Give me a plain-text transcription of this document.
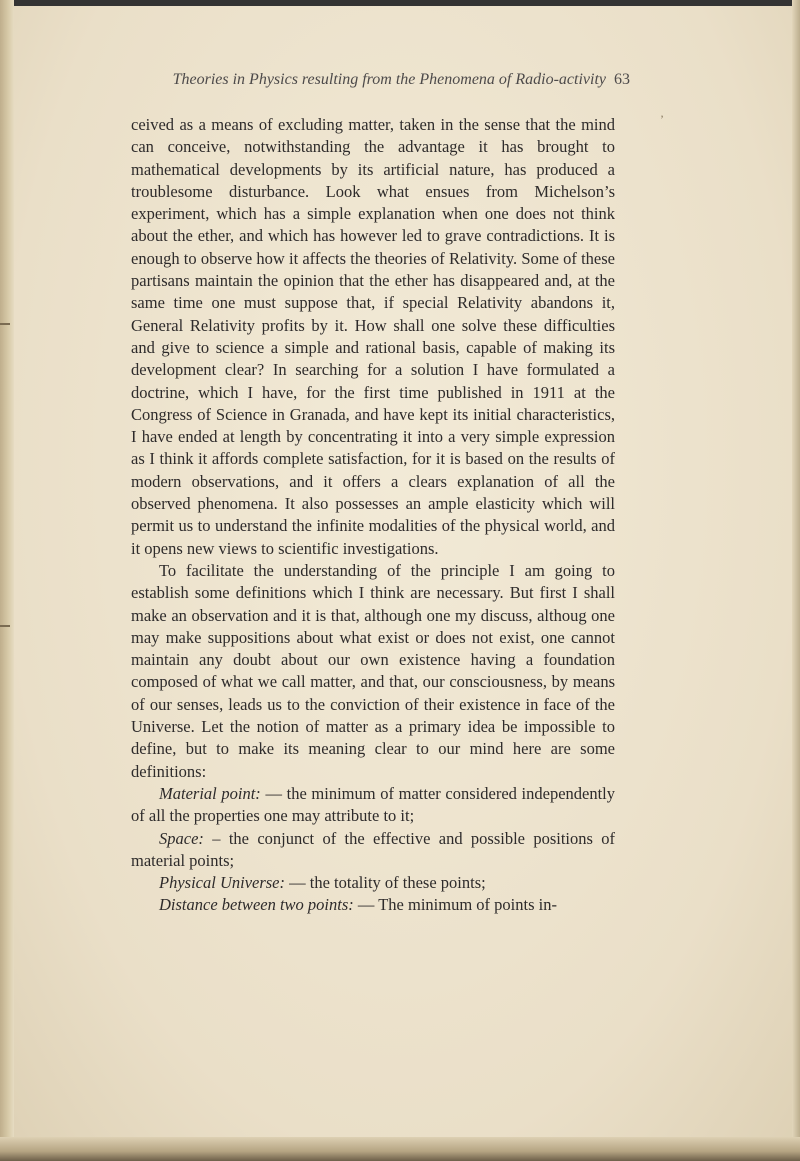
’
Theories in Physics resulting from the Phenomena of Radio-activity 63

ceived as a means of excluding matter, taken in the sense that the mind can conceive, notwithstanding the advantage it has brought to mathematical developments by its artificial nature, has produced a troublesome disturbance. Look what ensues from Michelson’s experiment, which has a simple explanation when one does not think about the ether, and which has however led to grave contradictions. It is enough to observe how it affects the theories of Relativity. Some of these partisans maintain the opinion that the ether has disappeared and, at the same time one must suppose that, if special Relativity abandons it, General Relativity profits by it. How shall one solve these difficulties and give to science a simple and rational basis, capable of making its development clear? In searching for a solution I have formulated a doctrine, which I have, for the first time published in 1911 at the Congress of Science in Granada, and have kept its initial characteristics, I have ended at length by concentrating it into a very simple expression as I think it affords complete satisfaction, for it is based on the results of modern observations, and it offers a clears explanation of all the observed phenomena. It also possesses an ample elasticity which will permit us to understand the infinite modalities of the physical world, and it opens new views to scientific investigations.

To facilitate the understanding of the principle I am going to establish some definitions which I think are necessary. But first I shall make an observation and it is that, although one my discuss, althoug one may make suppositions about what exist or does not exist, one cannot maintain any doubt about our own existence having a foundation composed of what we call matter, and that, our consciousness, by means of our senses, leads us to the conviction of their existence in face of the Universe. Let the notion of matter as a primary idea be impossible to define, but to make its meaning clear to our mind here are some definitions:

Material point: — the minimum of matter considered independently of all the properties one may attribute to it;

Space: – the conjunct of the effective and possible positions of material points;

Physical Universe: — the totality of these points;

Distance between two points: — The minimum of points in-
